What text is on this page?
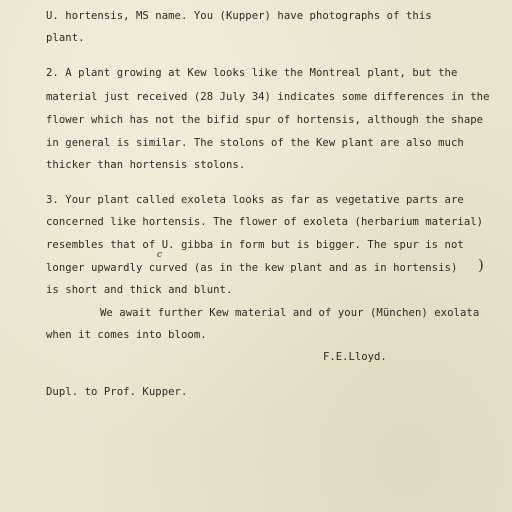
U. hortensis, MS name. You (Kupper) have photographs of this
plant.
2. A plant growing at Kew looks like the Montreal plant, but the
material just received (28 July 34) indicates some differences in the
flower which has not the bifid spur of hortensis, although the shape
in general is similar. The stolons of the Kew plant are also much
thicker than hortensis stolons.
3. Your plant called exoleta looks as far as vegetative parts are
concerned like hortensis. The flower of exoleta (herbarium material)
resembles that of U. gibba in form but is bigger. The spur is not
longer upwardly curved (as in the kew plant and as in hortensis)
is short and thick and blunt.
We await further Kew material and of your (München) exolata
when it comes into bloom.
c
)
F.E.Lloyd.
Dupl. to Prof. Kupper.
